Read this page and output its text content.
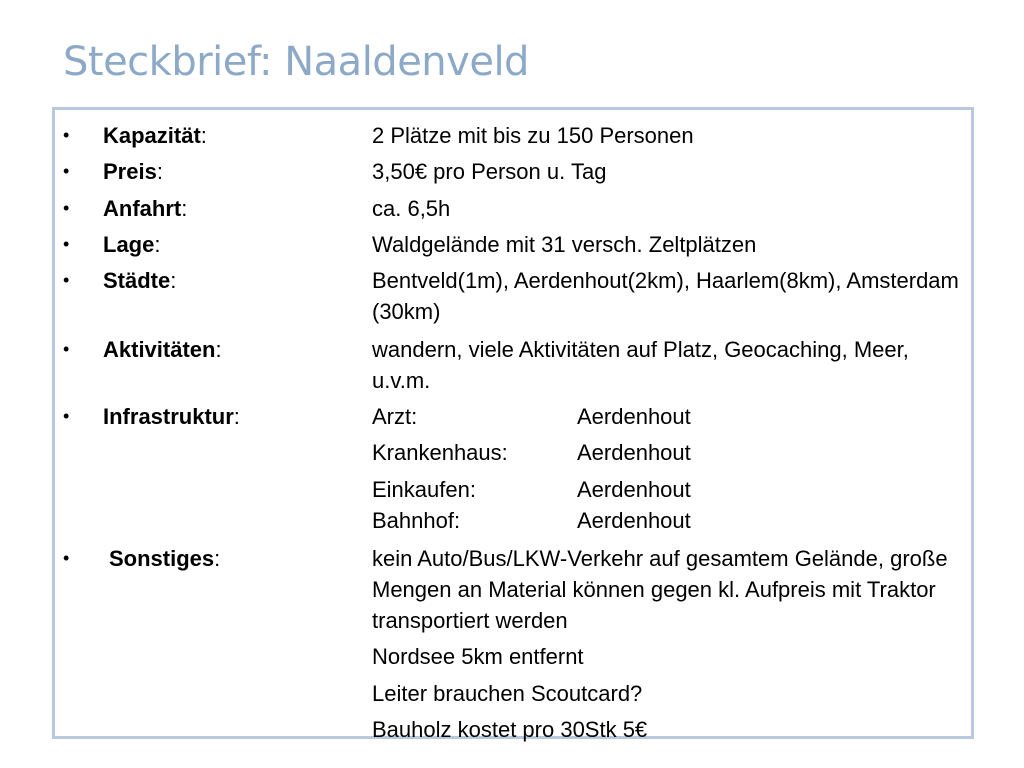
Steckbrief: Naaldenveld
• Kapazität:	2 Plätze mit bis zu 150 Personen
• Preis:	3,50€ pro Person u. Tag
• Anfahrt:	ca. 6,5h
• Lage:	Waldgelände mit 31 versch. Zeltplätzen
• Städte:	Bentveld(1m), Aerdenhout(2km), Haarlem(8km), Amsterdam (30km)
• Aktivitäten:	wandern, viele Aktivitäten auf Platz, Geocaching, Meer, u.v.m.
• Infrastruktur:	Arzt:	Aerdenhout
Krankenhaus:	Aerdenhout
Einkaufen:	Aerdenhout
Bahnhof:	Aerdenhout
• Sonstiges:	kein Auto/Bus/LKW-Verkehr auf gesamtem Gelände, große Mengen an Material können gegen kl. Aufpreis mit Traktor transportiert werden
Nordsee 5km entfernt
Leiter brauchen Scoutcard?
Bauholz kostet pro 30Stk 5€
